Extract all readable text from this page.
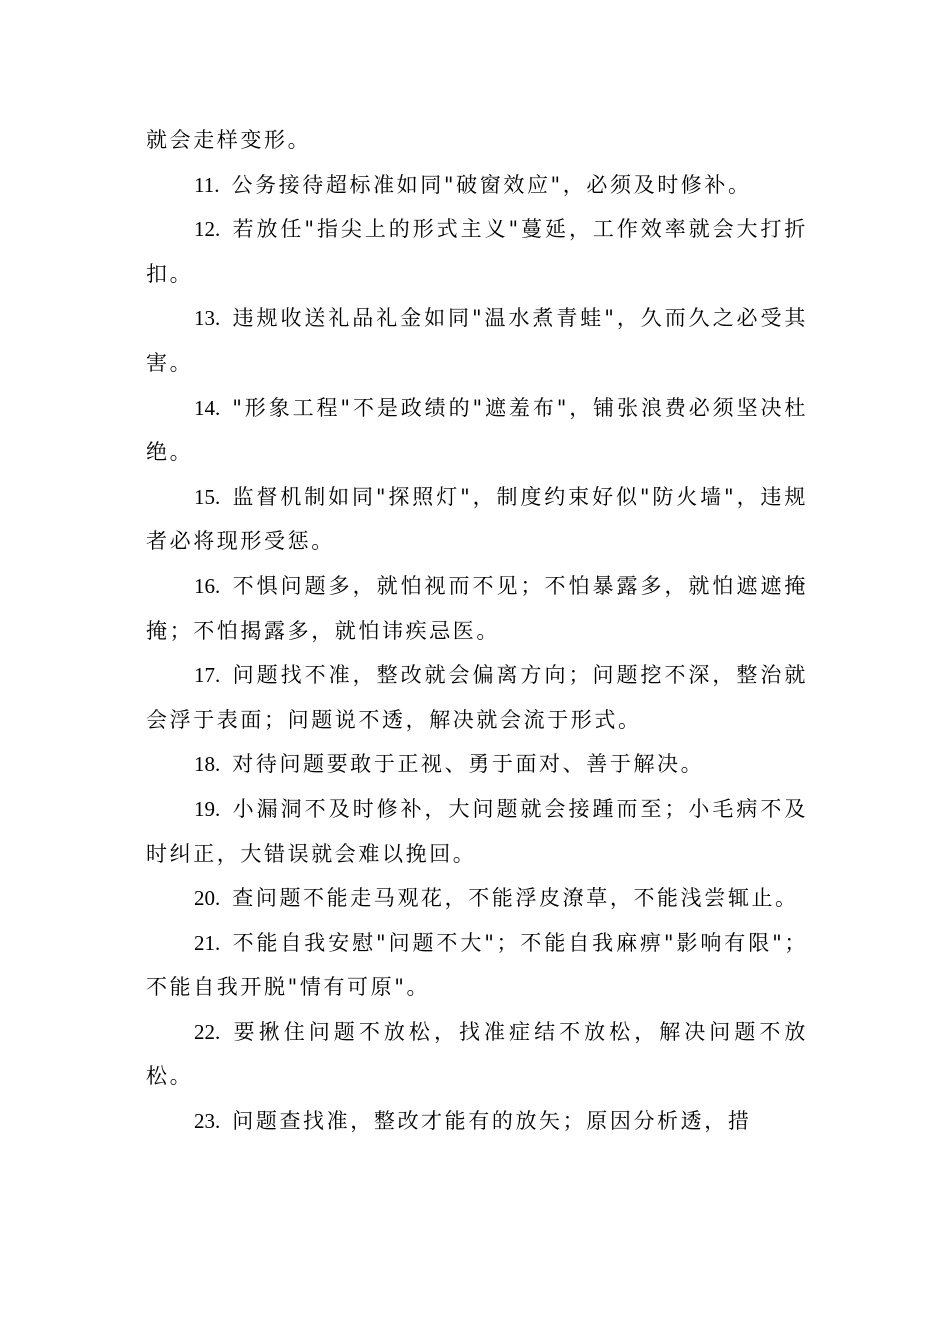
就会走样变形。

11. 公务接待超标准如同"破窗效应"，必须及时修补。

12. 若放任"指尖上的形式主义"蔓延，工作效率就会大打折扣。

13. 违规收送礼品礼金如同"温水煮青蛙"，久而久之必受其害。

14. "形象工程"不是政绩的"遮羞布"，铺张浪费必须坚决杜绝。

15. 监督机制如同"探照灯"，制度约束好似"防火墙"，违规者必将现形受惩。

16. 不惧问题多，就怕视而不见；不怕暴露多，就怕遮遮掩掩；不怕揭露多，就怕讳疾忌医。

17. 问题找不准，整改就会偏离方向；问题挖不深，整治就会浮于表面；问题说不透，解决就会流于形式。

18. 对待问题要敢于正视、勇于面对、善于解决。

19. 小漏洞不及时修补，大问题就会接踵而至；小毛病不及时纠正，大错误就会难以挽回。

20. 查问题不能走马观花，不能浮皮潦草，不能浅尝辄止。

21. 不能自我安慰"问题不大"；不能自我麻痹"影响有限"；不能自我开脱"情有可原"。

22. 要揪住问题不放松，找准症结不放松，解决问题不放松。

23. 问题查找准，整改才能有的放矢；原因分析透，措
